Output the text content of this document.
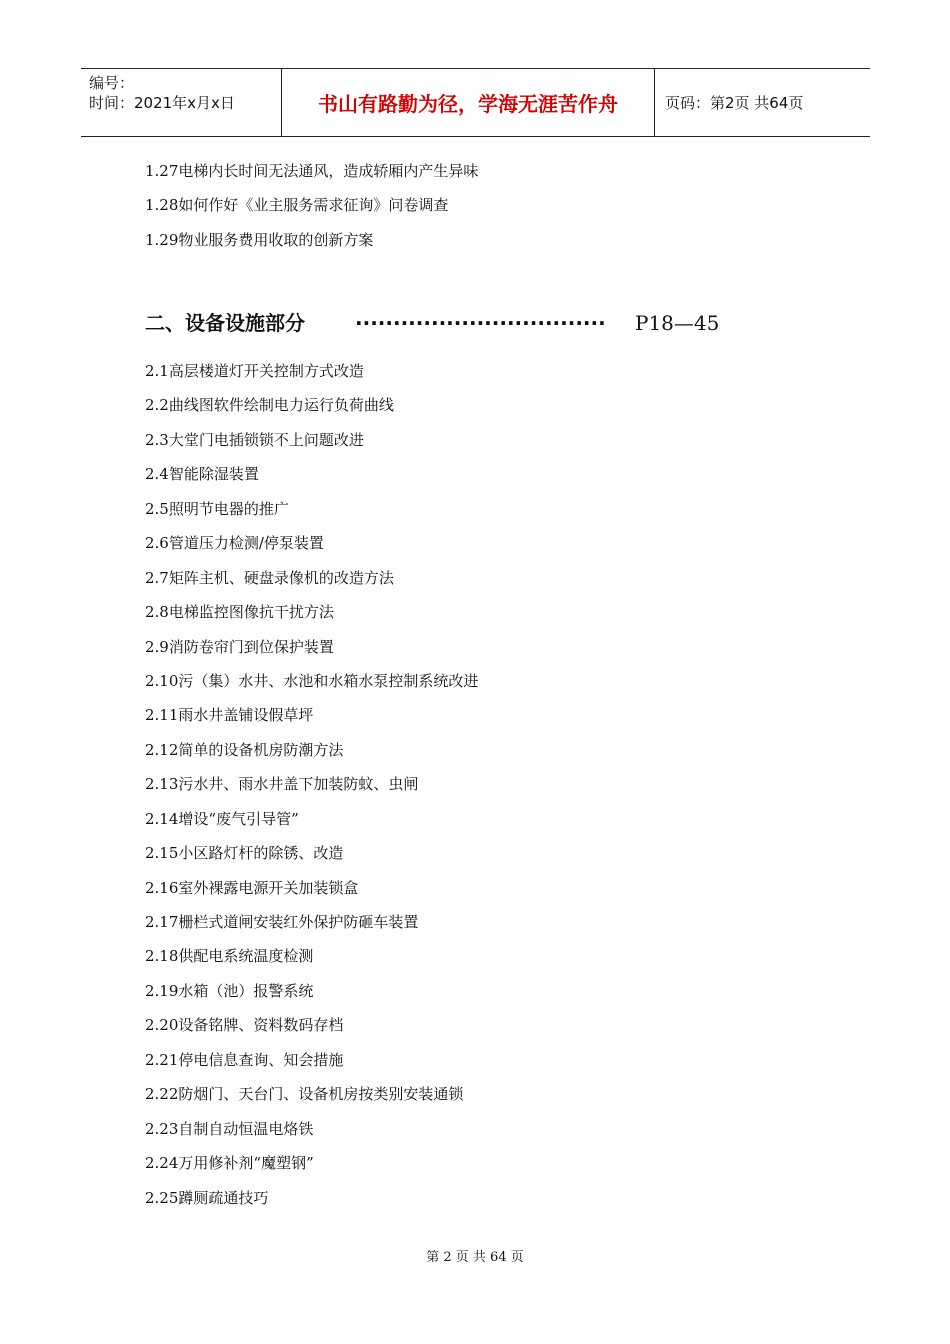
编号：
时间：2021年x月x日	书山有路勤为径，学海无涯苦作舟	页码：第2页 共64页
1.27电梯内长时间无法通风，造成轿厢内产生异味
1.28如何作好《业主服务需求征询》问卷调查
1.29物业服务费用收取的创新方案
二、设备设施部分	································· P18—45
2.1高层楼道灯开关控制方式改造
2.2曲线图软件绘制电力运行负荷曲线
2.3大堂门电插锁锁不上问题改进
2.4智能除湿装置
2.5照明节电器的推广
2.6管道压力检测/停泵装置
2.7矩阵主机、硬盘录像机的改造方法
2.8电梯监控图像抗干扰方法
2.9消防卷帘门到位保护装置
2.10污（集）水井、水池和水箱水泵控制系统改进
2.11雨水井盖铺设假草坪
2.12简单的设备机房防潮方法
2.13污水井、雨水井盖下加装防蚊、虫闸
2.14增设“废气引导管”
2.15小区路灯杆的除锈、改造
2.16室外裸露电源开关加装锁盒
2.17栅栏式道闸安装红外保护防砸车装置
2.18供配电系统温度检测
2.19水箱（池）报警系统
2.20设备铭牌、资料数码存档
2.21停电信息查询、知会措施
2.22防烟门、天台门、设备机房按类别安装通锁
2.23自制自动恒温电烙铁
2.24万用修补剂“魔塑钢”
2.25蹲厕疏通技巧
第 2 页 共 64 页
